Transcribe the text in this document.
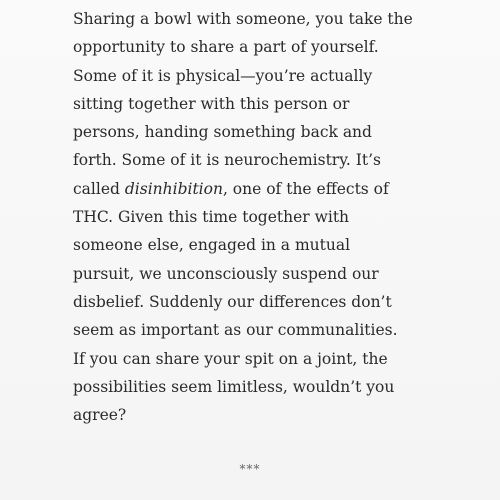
Sharing a bowl with someone, you take the
opportunity to share a part of yourself.
Some of it is physical—you’re actually
sitting together with this person or
persons, handing something back and
forth. Some of it is neurochemistry. It’s
called disinhibition, one of the effects of
THC. Given this time together with
someone else, engaged in a mutual
pursuit, we unconsciously suspend our
disbelief. Suddenly our differences don’t
seem as important as our communalities.
If you can share your spit on a joint, the
possibilities seem limitless, wouldn’t you
agree?
***
